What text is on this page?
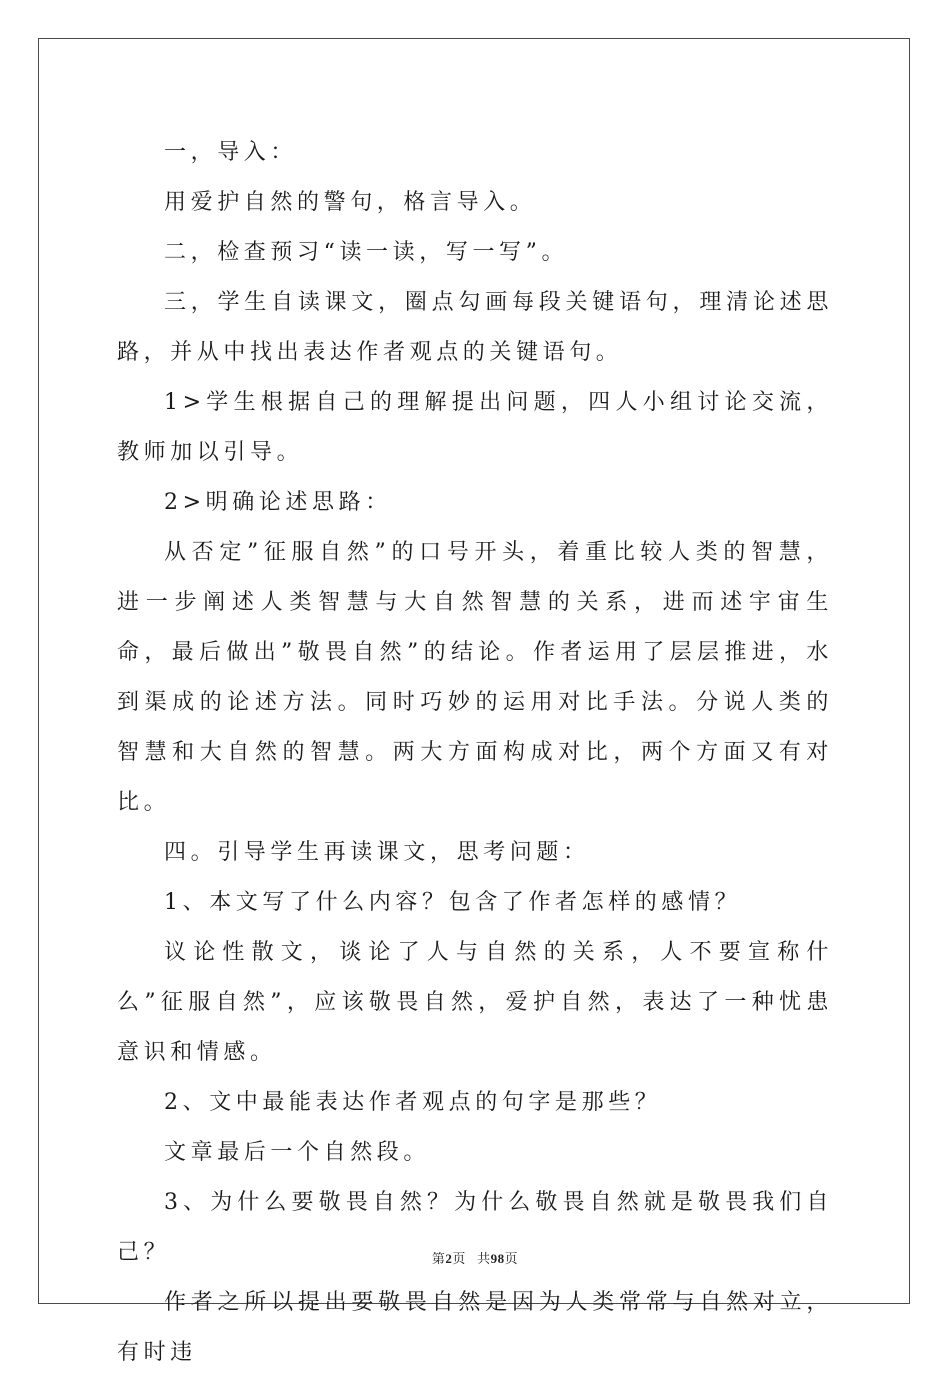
一，导入：

用爱护自然的警句，格言导入。

二，检查预习“读一读，写一写”。

三，学生自读课文，圈点勾画每段关键语句，理清论述思路，并从中找出表达作者观点的关键语句。

1>学生根据自己的理解提出问题，四人小组讨论交流，教师加以引导。

2>明确论述思路：

从否定”征服自然”的口号开头，着重比较人类的智慧，进一步阐述人类智慧与大自然智慧的关系，进而述宇宙生命，最后做出”敬畏自然”的结论。作者运用了层层推进，水到渠成的论述方法。同时巧妙的运用对比手法。分说人类的智慧和大自然的智慧。两大方面构成对比，两个方面又有对比。

四。引导学生再读课文，思考问题：

1、本文写了什么内容？包含了作者怎样的感情？

议论性散文，谈论了人与自然的关系，人不要宣称什么”征服自然”，应该敬畏自然，爱护自然，表达了一种忧患意识和情感。

2、文中最能表达作者观点的句字是那些？

文章最后一个自然段。

3、为什么要敬畏自然？为什么敬畏自然就是敬畏我们自己？

作者之所以提出要敬畏自然是因为人类常常与自然对立，有时违

第2页 共98页
